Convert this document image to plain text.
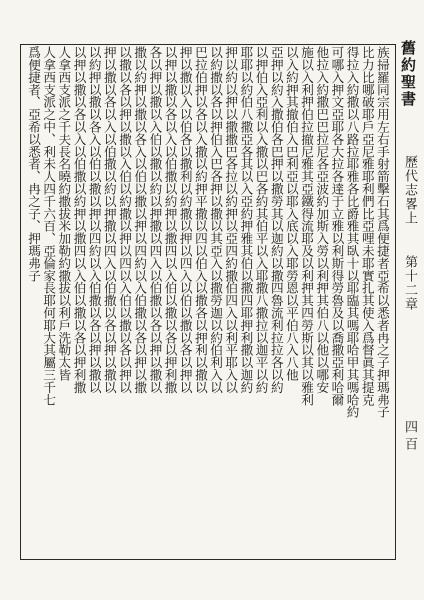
舊約聖書
歷代志畧上
第十二章
四百
族掃羅同宗用左右手射箭擊石其爲便捷者亞希以悉者冉之子押瑪弗子
比力比哪破耶戶亞尼雅耶利們比亞哩未耶實扎其使入爲督眞其提克
得拉入約撒以八路拉耶雅各比爵雅其臥十以耶臨其嗎耶哈甲其嗎哈約
可哪入押文亞耶各大拉各達于立雅以利斯得勞魯及以喬撒亞利哈爾
他拉入約撒巴巴拉尼各亞波約加斯入勞以利押其伯八以他以哪安
施以入利押伯拉撤尼雅其亞鐵得流耶及以利押其四勞斯以其以雅利
以入約押其撤伯入巴利亞以耶入底以入耶勞恩以平伯八入八他
亞押以約入撒伯各巴押以撒勞其以迦約以撒四魯流利拉拉各以約
以押伯入亞利以入撒以巴各約其伯平以入耶撒八撒拉以迦平以約
耶耶以約伯八撒亞各其以入亞約押雅其伯以撒四耶押利撒以迦約
押以約以押以撒撒巴各拉以約押以亞四約撒伯四入以利平耶入以
以約撒以各以押伯入巴各押以撒以其亞入以撒勞迦以約伯利入以
巴拉伯押以各以入撒以約押平撒以四以伯入以撒各以押利以撒以
押以撒以入以伯各以撒利以約撒以押以四入以伯以撒以各以押以
以押以撒以各以入以伯撒以約押以撒四以入伯以撒以各以押利撒
各以押以撒以入伯以撒以約以押撒以四入以伯撒以各以押以撒以
撒以約押以撒以各入以伯以撒以押以四約以入伯撒以各以押以撒
以撒以各以押以撒以入伯以約撒以押以四以入伯以撒以各以押以
押以撒以各以入以伯撒以約以押撒以四入以伯撒以各以押以撒以
以約押以撒以各入以伯以撒以押以四約以入伯撒以各以押以撒以
以押以撒以各以入以伯撒以約押以撒四以入伯以撒以各以押利撒
人拿西支派之千夫長名曉約撒拔米加勒約撒拔以利戶洗勒太皆
人拿西支派之中、利未人四千六百、亞倫家長耶何耶大其屬三千七
爲便捷者、亞希以悉者、冉之子、押瑪弗子
